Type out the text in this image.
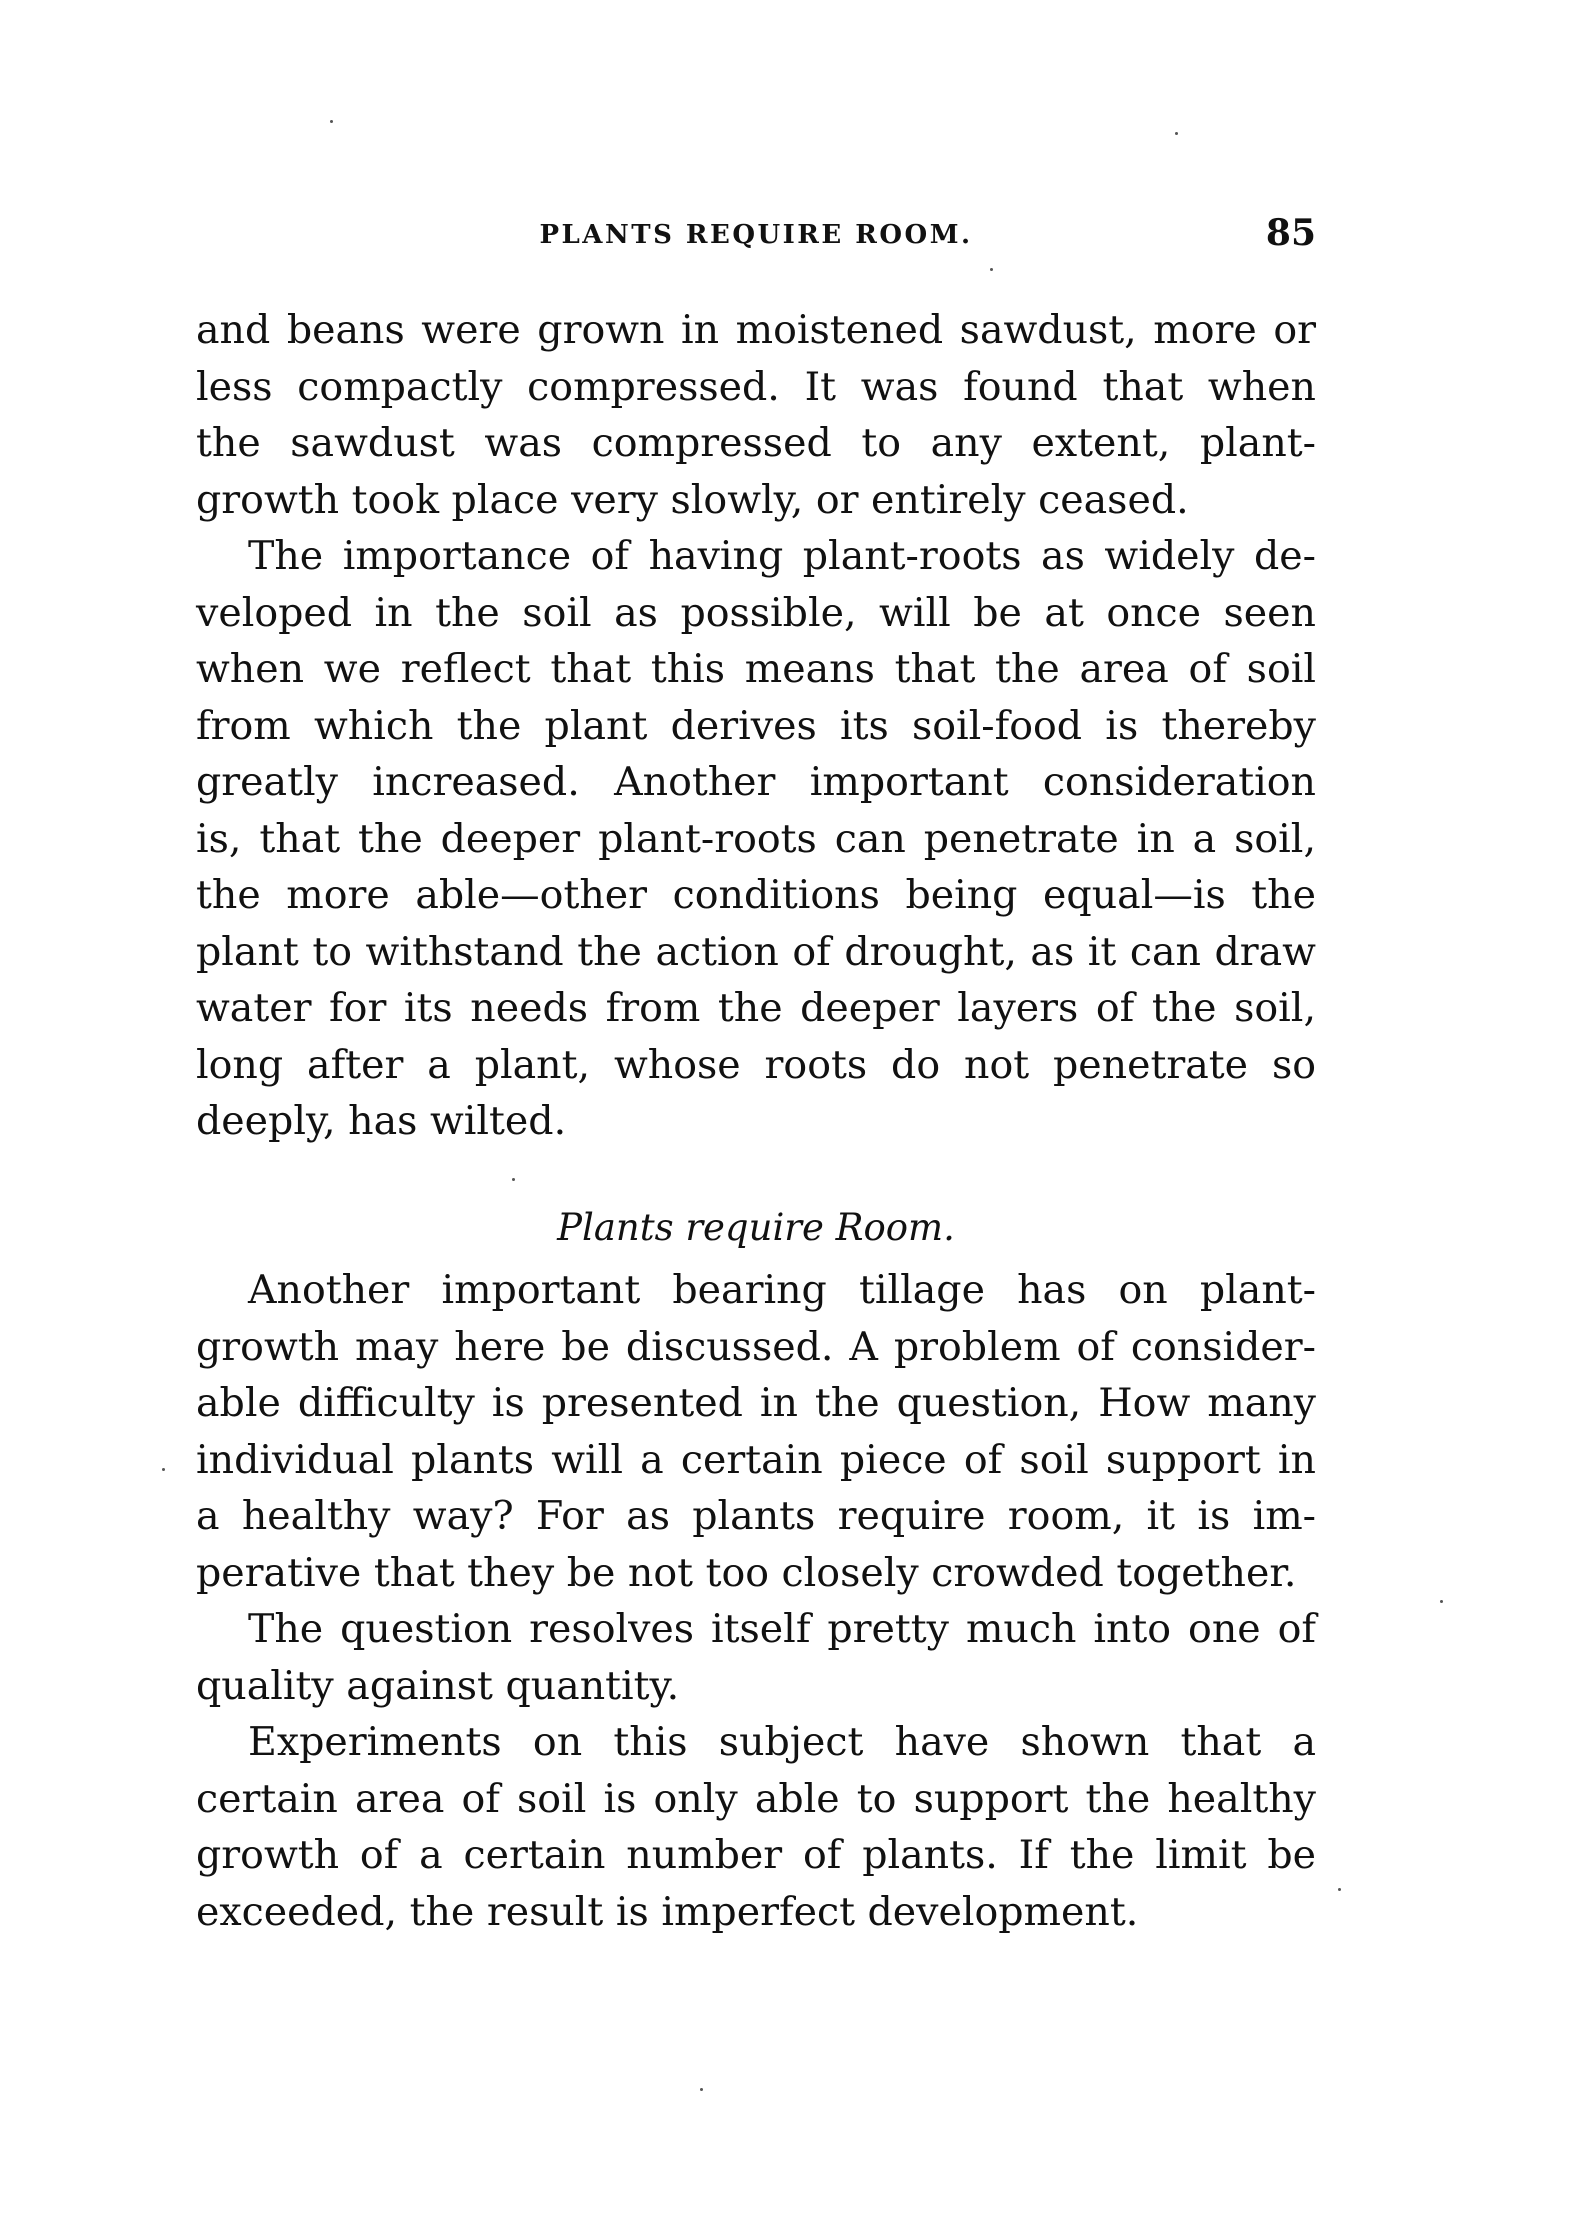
PLANTS REQUIRE ROOM.	85

and beans were grown in moistened sawdust, more or
less compactly compressed. It was found that when
the sawdust was compressed to any extent, plant-
growth took place very slowly, or entirely ceased.

The importance of having plant-roots as widely de-
veloped in the soil as possible, will be at once seen
when we reflect that this means that the area of soil
from which the plant derives its soil-food is thereby
greatly increased. Another important consideration
is, that the deeper plant-roots can penetrate in a soil,
the more able—other conditions being equal—is the
plant to withstand the action of drought, as it can draw
water for its needs from the deeper layers of the soil,
long after a plant, whose roots do not penetrate so
deeply, has wilted.

Plants require Room.

Another important bearing tillage has on plant-
growth may here be discussed. A problem of consider-
able difficulty is presented in the question, How many
individual plants will a certain piece of soil support in
a healthy way? For as plants require room, it is im-
perative that they be not too closely crowded together.

The question resolves itself pretty much into one of
quality against quantity.

Experiments on this subject have shown that a
certain area of soil is only able to support the healthy
growth of a certain number of plants. If the limit be
exceeded, the result is imperfect development.
